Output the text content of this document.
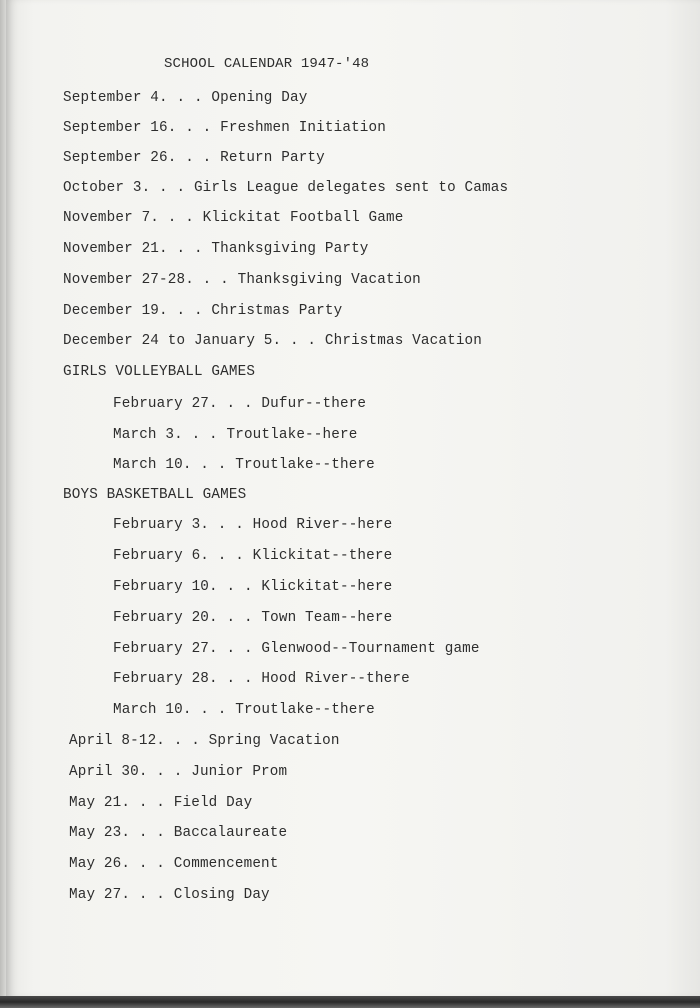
SCHOOL CALENDAR 1947-'48
September 4. . . Opening Day
September 16. . . Freshmen Initiation
September 26. . . Return Party
October 3. . . Girls League delegates sent to Camas
November 7. . . Klickitat Football Game
November 21. . . Thanksgiving Party
November 27-28. . . Thanksgiving Vacation
December 19. . . Christmas Party
December 24 to January 5. . . Christmas Vacation
GIRLS VOLLEYBALL GAMES
February 27. . . Dufur--there
March 3. . . Troutlake--here
March 10. . . Troutlake--there
BOYS BASKETBALL GAMES
February 3. . . Hood River--here
February 6. . . Klickitat--there
February 10. . . Klickitat--here
February 20. . . Town Team--here
February 27. . . Glenwood--Tournament game
February 28. . . Hood River--there
March 10. . . Troutlake--there
April 8-12. . . Spring Vacation
April 30. . . Junior Prom
May 21. . . Field Day
May 23. . . Baccalaureate
May 26. . . Commencement
May 27. . . Closing Day
